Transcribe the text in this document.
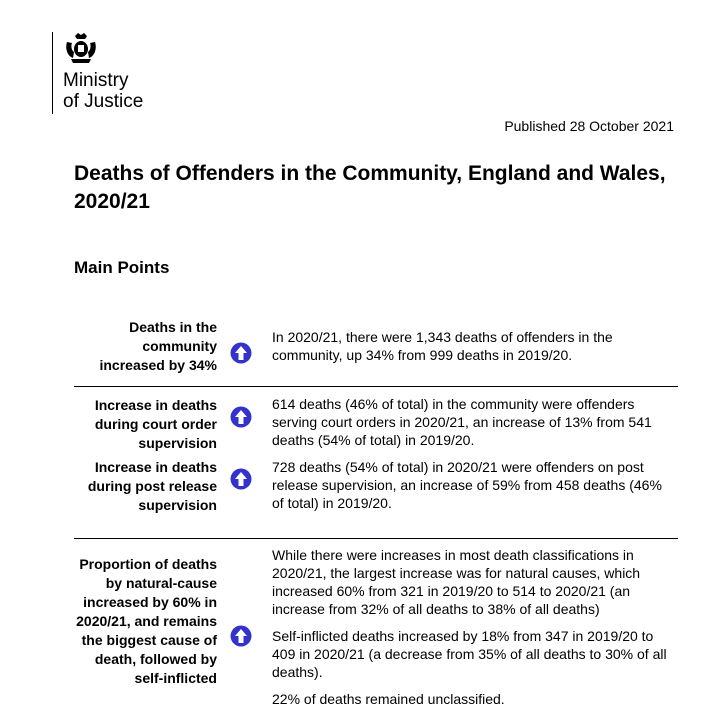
Ministry
of Justice
Published 28 October 2021
Deaths of Offenders in the Community, England and Wales, 2020/21
Main Points
Deaths in the community increased by 34%

In 2020/21, there were 1,343 deaths of offenders in the community, up 34% from 999 deaths in 2019/20.

Increase in deaths during court order supervision

614 deaths (46% of total) in the community were offenders serving court orders in 2020/21, an increase of 13% from 541 deaths (54% of total) in 2019/20.

Increase in deaths during post release supervision

728 deaths (54% of total) in 2020/21 were offenders on post release supervision, an increase of 59% from 458 deaths (46% of total) in 2019/20.

Proportion of deaths by natural-cause increased by 60% in 2020/21, and remains the biggest cause of death, followed by self-inflicted

While there were increases in most death classifications in 2020/21, the largest increase was for natural causes, which increased 60% from 321 in 2019/20 to 514 to 2020/21 (an increase from 32% of all deaths to 38% of all deaths)

Self-inflicted deaths increased by 18% from 347 in 2019/20 to 409 in 2020/21 (a decrease from 35% of all deaths to 30% of all deaths).

22% of deaths remained unclassified.
